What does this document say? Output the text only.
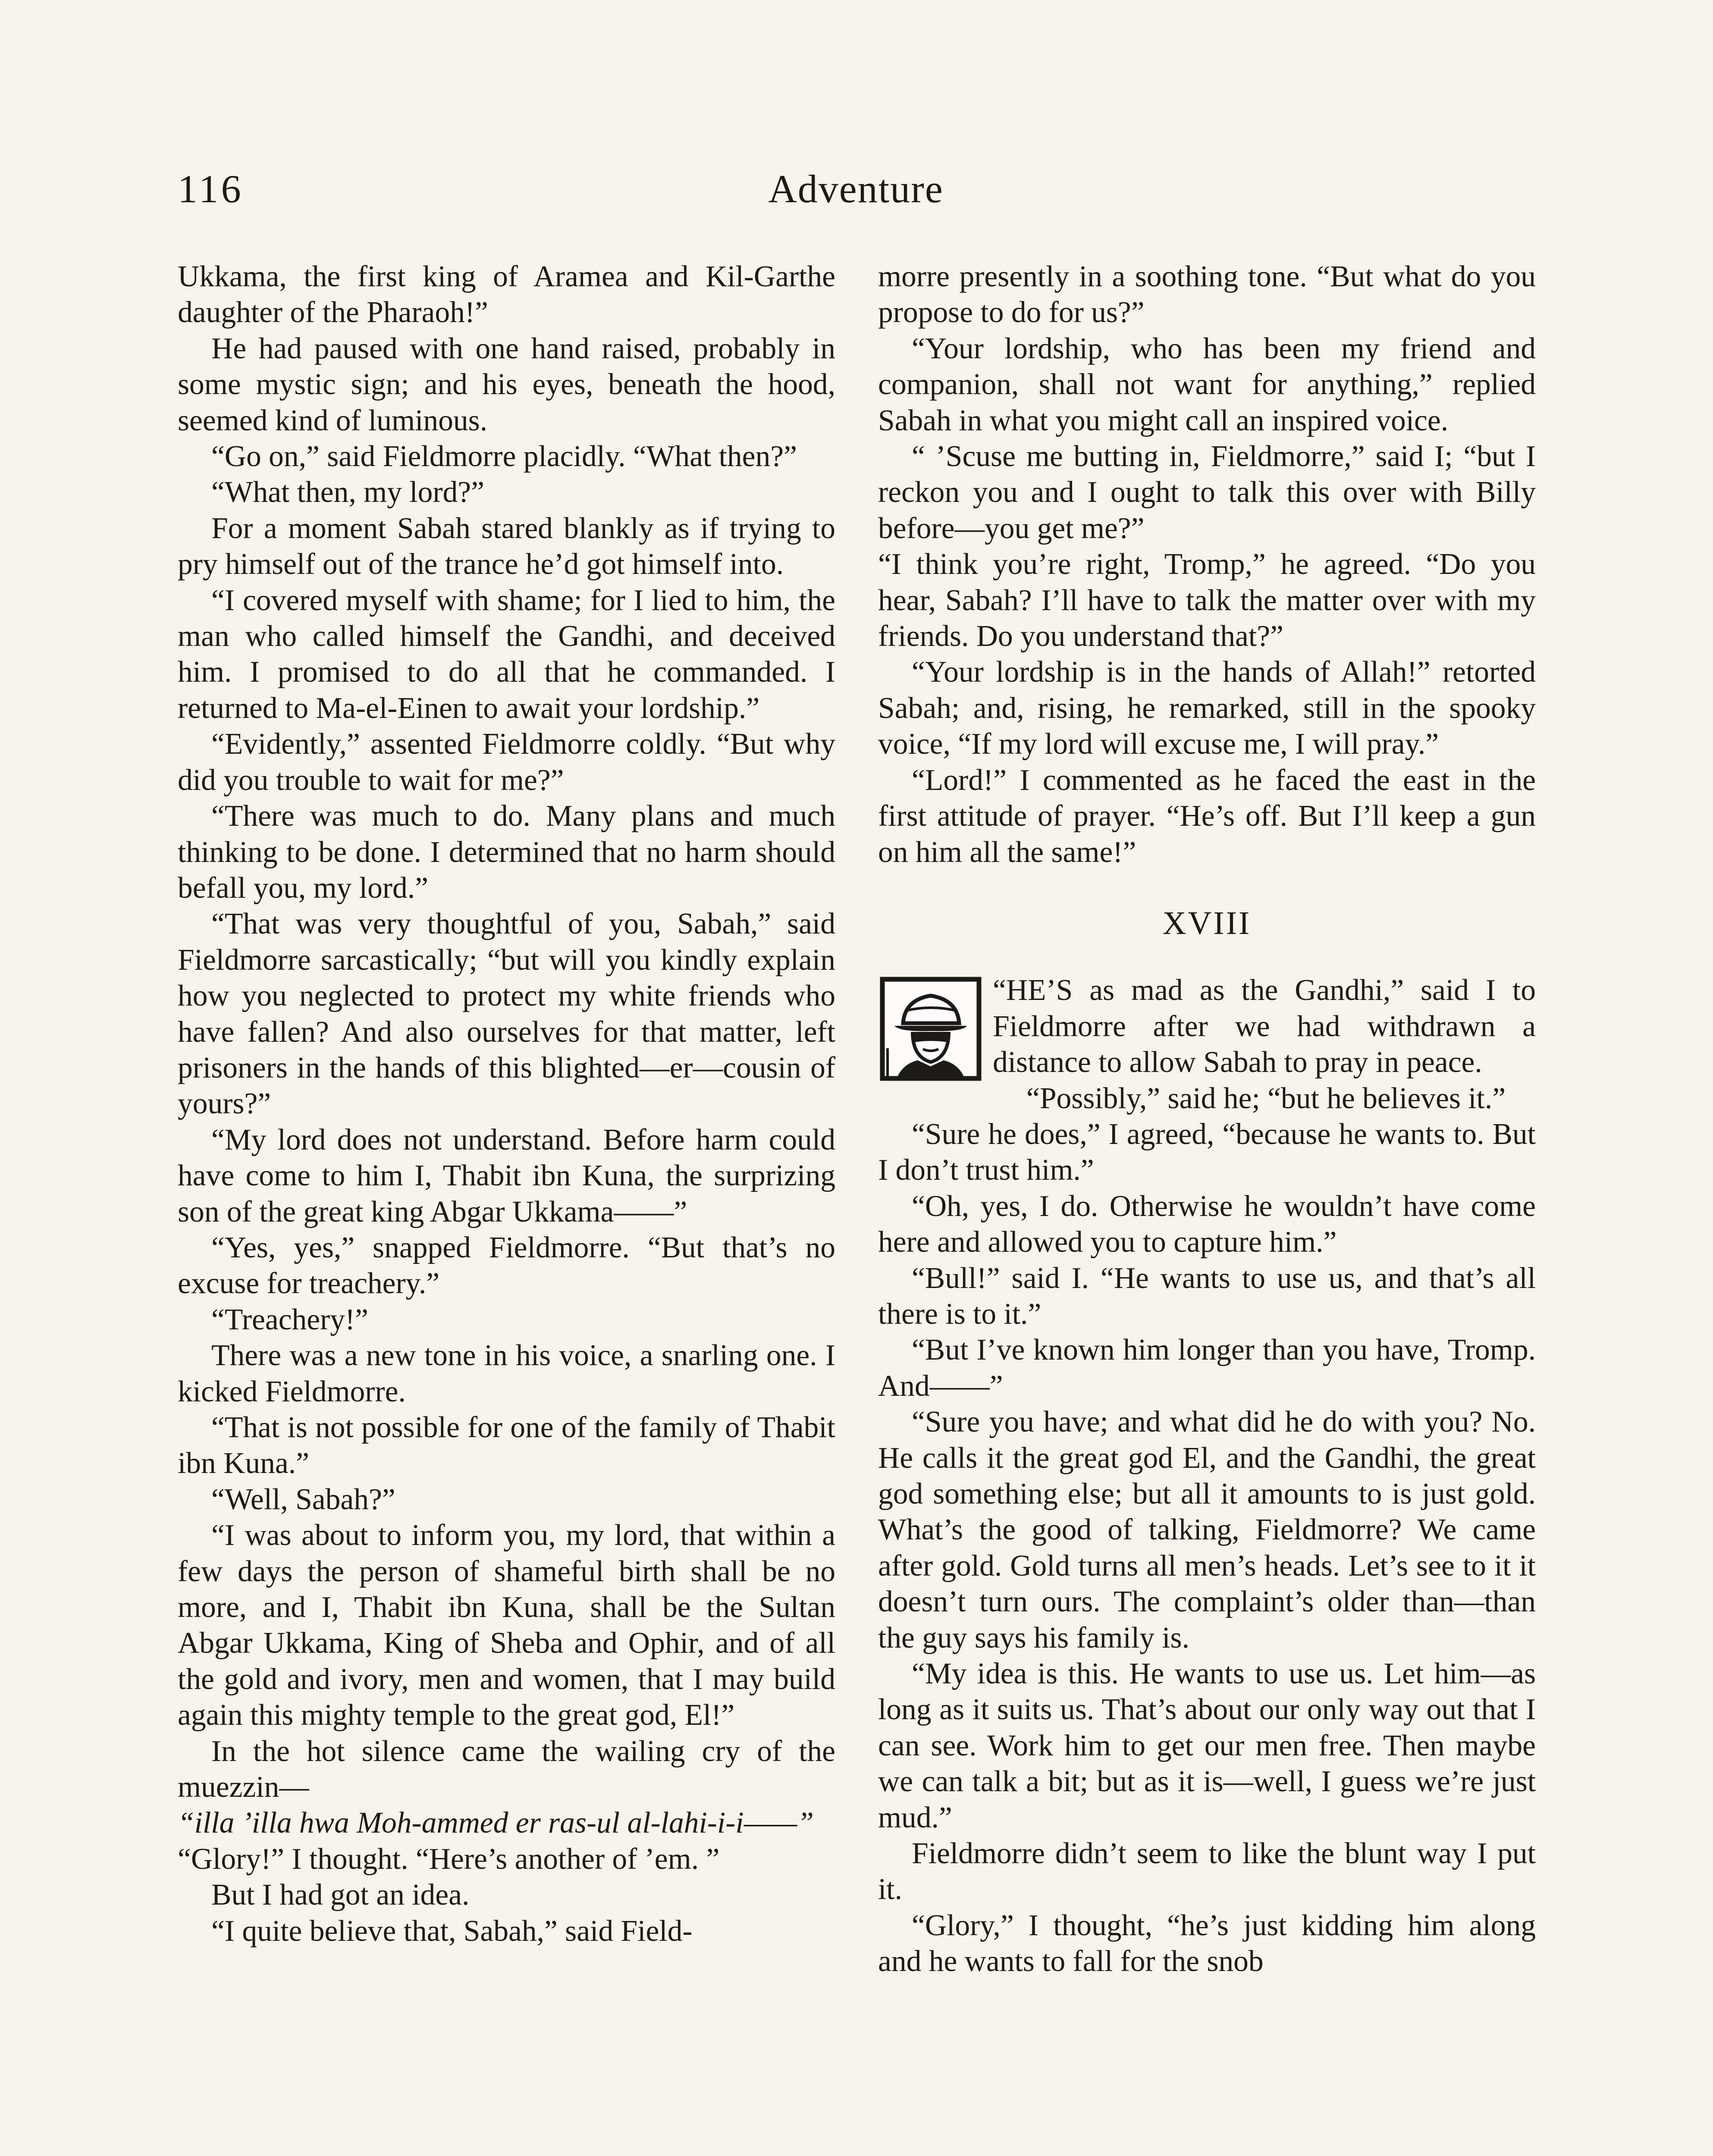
116	Adventure

Ukkama, the first king of Aramea and Kil-Garthe daughter of the Pharaoh!”

He had paused with one hand raised, probably in some mystic sign; and his eyes, beneath the hood, seemed kind of luminous.

“Go on,” said Fieldmorre placidly. “What then?”

“What then, my lord?”

For a moment Sabah stared blankly as if trying to pry himself out of the trance he’d got himself into.

“I covered myself with shame; for I lied to him, the man who called himself the Gandhi, and deceived him. I promised to do all that he commanded. I returned to Ma-el-Einen to await your lordship.”

“Evidently,” assented Fieldmorre coldly. “But why did you trouble to wait for me?”

“There was much to do. Many plans and much thinking to be done. I determined that no harm should befall you, my lord.”

“That was very thoughtful of you, Sabah,” said Fieldmorre sarcastically; “but will you kindly explain how you neglected to protect my white friends who have fallen? And also ourselves for that matter, left prisoners in the hands of this blighted—er—cousin of yours?”

“My lord does not understand. Before harm could have come to him I, Thabit ibn Kuna, the surprizing son of the great king Abgar Ukkama——”

“Yes, yes,” snapped Fieldmorre. “But that’s no excuse for treachery.”

“Treachery!”

There was a new tone in his voice, a snarling one. I kicked Fieldmorre.

“That is not possible for one of the family of Thabit ibn Kuna.”

“Well, Sabah?”

“I was about to inform you, my lord, that within a few days the person of shameful birth shall be no more, and I, Thabit ibn Kuna, shall be the Sultan Abgar Ukkama, King of Sheba and Ophir, and of all the gold and ivory, men and women, that I may build again this mighty temple to the great god, El!”

In the hot silence came the wailing cry of the muezzin—

“illa ’illa hwa Moh-ammed er ras-ul al-lahi-i-i——”

“Glory!” I thought. “Here’s another of ’em. ”

But I had got an idea.

“I quite believe that, Sabah,” said Field-

morre presently in a soothing tone. “But what do you propose to do for us?”

“Your lordship, who has been my friend and companion, shall not want for anything,” replied Sabah in what you might call an inspired voice.

“ ’Scuse me butting in, Fieldmorre,” said I; “but I reckon you and I ought to talk this over with Billy before—you get me?”

“I think you’re right, Tromp,” he agreed. “Do you hear, Sabah? I’ll have to talk the matter over with my friends. Do you understand that?”

“Your lordship is in the hands of Allah!” retorted Sabah; and, rising, he remarked, still in the spooky voice, “If my lord will excuse me, I will pray.”

“Lord!” I commented as he faced the east in the first attitude of prayer. “He’s off. But I’ll keep a gun on him all the same!”

XVIII

“HE’S as mad as the Gandhi,” said I to Fieldmorre after we had withdrawn a distance to allow Sabah to pray in peace.

“Possibly,” said he; “but he believes it.”

“Sure he does,” I agreed, “because he wants to. But I don’t trust him.”

“Oh, yes, I do. Otherwise he wouldn’t have come here and allowed you to capture him.”

“Bull!” said I. “He wants to use us, and that’s all there is to it.”

“But I’ve known him longer than you have, Tromp. And——”

“Sure you have; and what did he do with you? No. He calls it the great god El, and the Gandhi, the great god something else; but all it amounts to is just gold. What’s the good of talking, Fieldmorre? We came after gold. Gold turns all men’s heads. Let’s see to it it doesn’t turn ours. The complaint’s older than—than the guy says his family is.

“My idea is this. He wants to use us. Let him—as long as it suits us. That’s about our only way out that I can see. Work him to get our men free. Then maybe we can talk a bit; but as it is—well, I guess we’re just mud.”

Fieldmorre didn’t seem to like the blunt way I put it.

“Glory,” I thought, “he’s just kidding him along and he wants to fall for the snob
